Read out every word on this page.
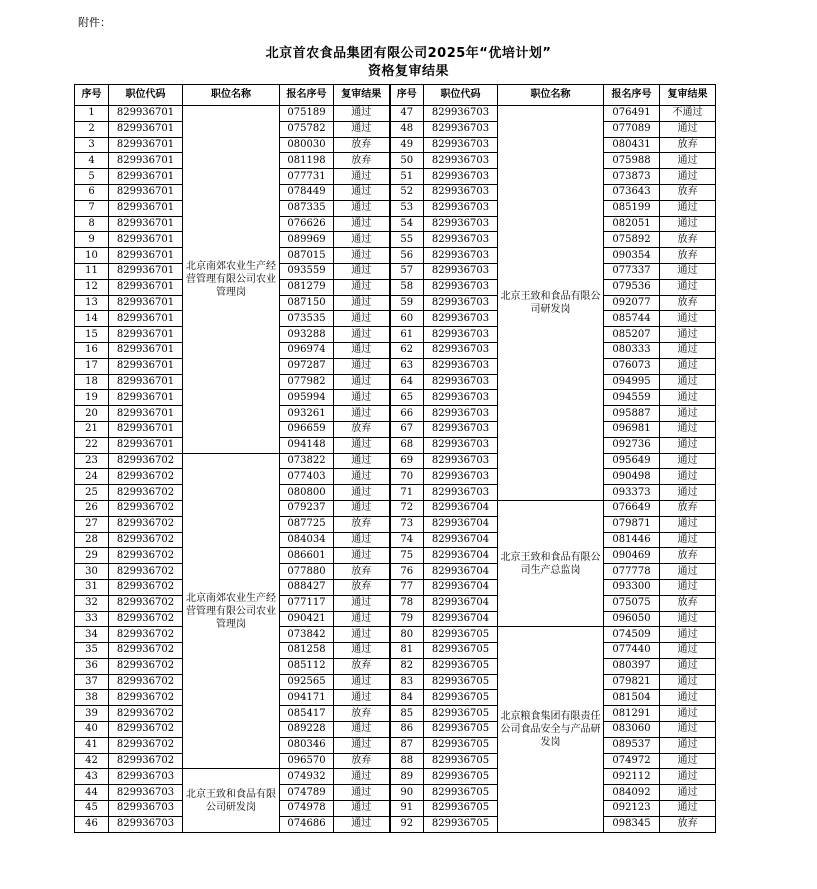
附件：
北京首农食品集团有限公司2025年“优培计划”
资格复审结果
序号	职位代码	职位名称	报名序号	复审结果	序号	职位代码	职位名称	报名序号	复审结果
1	829936701	北京南郊农业生产经营管理有限公司农业管理岗	075189	通过	47	829936703	北京王致和食品有限公司研发岗	076491	不通过
2	829936701		075782	通过	48	829936703		077089	通过
3	829936701		080030	放弃	49	829936703		080431	放弃
4	829936701		081198	放弃	50	829936703		075988	通过
5	829936701		077731	通过	51	829936703		073873	通过
6	829936701		078449	通过	52	829936703		073643	放弃
7	829936701		087335	通过	53	829936703		085199	通过
8	829936701		076626	通过	54	829936703		082051	通过
9	829936701		089969	通过	55	829936703		075892	放弃
10	829936701		087015	通过	56	829936703		090354	放弃
11	829936701		093559	通过	57	829936703		077337	通过
12	829936701		081279	通过	58	829936703		079536	通过
13	829936701		087150	通过	59	829936703		092077	放弃
14	829936701		073535	通过	60	829936703		085744	通过
15	829936701		093288	通过	61	829936703		085207	通过
16	829936701		096974	通过	62	829936703		080333	通过
17	829936701		097287	通过	63	829936703		076073	通过
18	829936701		077982	通过	64	829936703		094995	通过
19	829936701		095994	通过	65	829936703		094559	通过
20	829936701		093261	通过	66	829936703		095887	通过
21	829936701		096659	放弃	67	829936703		096981	通过
22	829936701		094148	通过	68	829936703		092736	通过
23	829936702	北京南郊农业生产经营管理有限公司农业管理岗	073822	通过	69	829936703		095649	通过
24	829936702		077403	通过	70	829936703		090498	通过
25	829936702		080800	通过	71	829936703		093373	通过
26	829936702		079237	通过	72	829936704	北京王致和食品有限公司生产总监岗	076649	放弃
27	829936702		087725	放弃	73	829936704		079871	通过
28	829936702		084034	通过	74	829936704		081446	通过
29	829936702		086601	通过	75	829936704		090469	放弃
30	829936702		077880	放弃	76	829936704		077778	通过
31	829936702		088427	放弃	77	829936704		093300	通过
32	829936702		077117	通过	78	829936704		075075	放弃
33	829936702		090421	通过	79	829936704		096050	通过
34	829936702		073842	通过	80	829936705	北京粮食集团有限责任公司食品安全与产品研发岗	074509	通过
35	829936702		081258	通过	81	829936705		077440	通过
36	829936702		085112	放弃	82	829936705		080397	通过
37	829936702		092565	通过	83	829936705		079821	通过
38	829936702		094171	通过	84	829936705		081504	通过
39	829936702		085417	放弃	85	829936705		081291	通过
40	829936702		089228	通过	86	829936705		083060	通过
41	829936702		080346	通过	87	829936705		089537	通过
42	829936702		096570	放弃	88	829936705		074972	通过
43	829936703	北京王致和食品有限公司研发岗	074932	通过	89	829936705		092112	通过
44	829936703		074789	通过	90	829936705		084092	通过
45	829936703		074978	通过	91	829936705		092123	通过
46	829936703		074686	通过	92	829936705		098345	放弃
